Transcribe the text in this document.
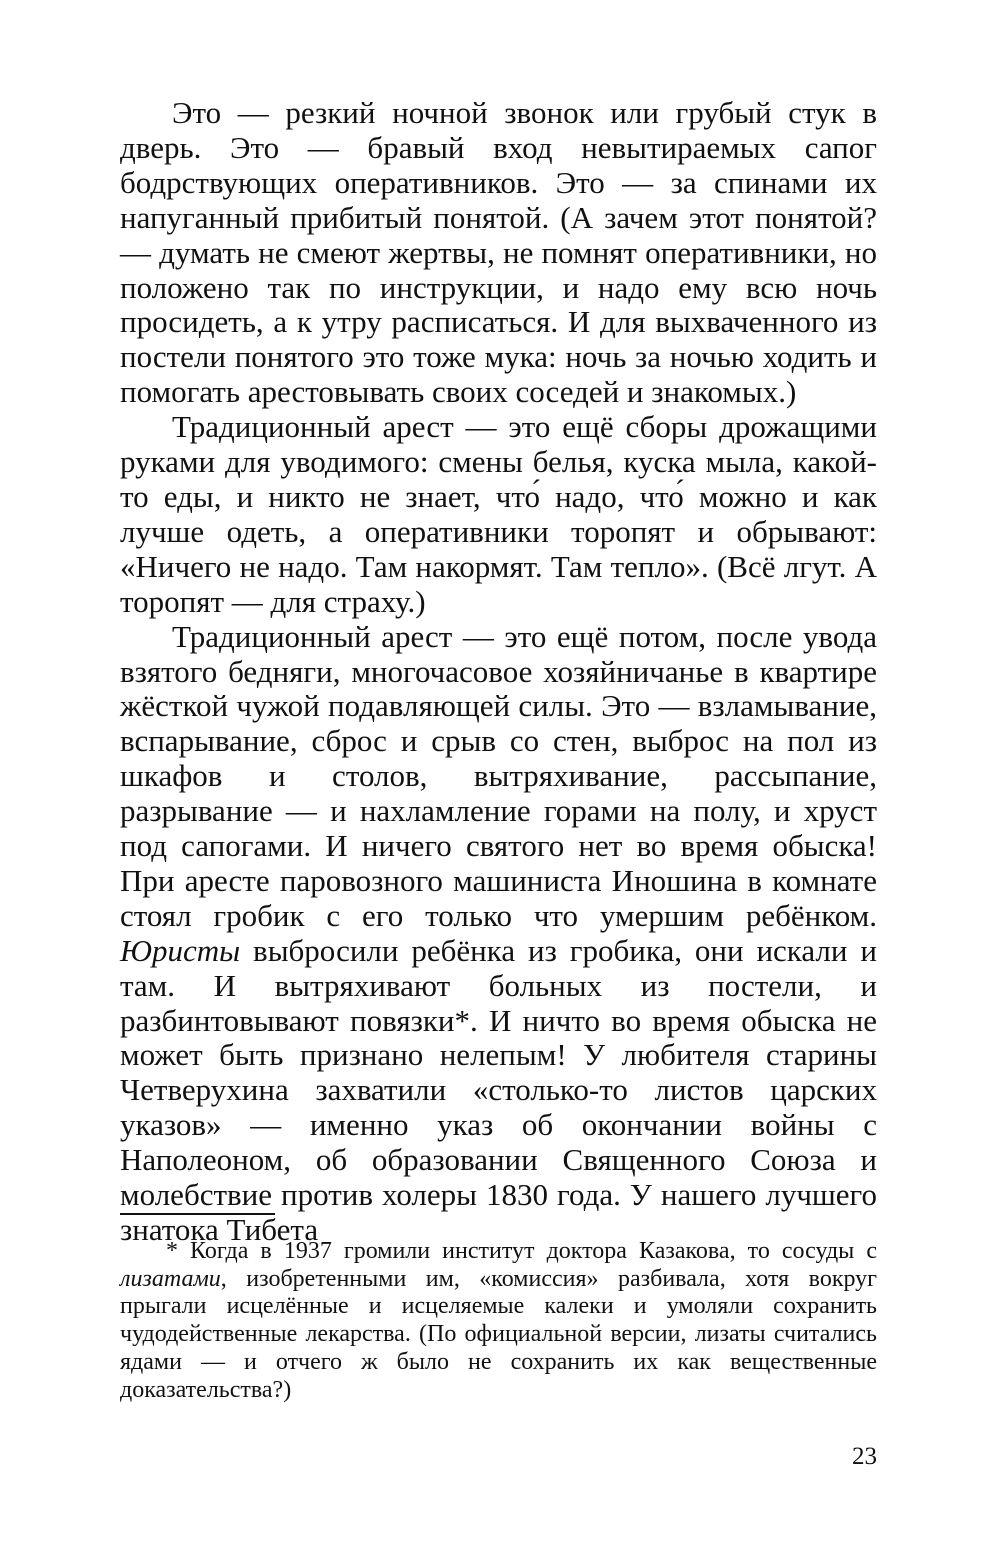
Это — резкий ночной звонок или грубый стук в дверь. Это — бравый вход невытираемых сапог бодрствующих оперативников. Это — за спинами их напуганный прибитый понятой. (А зачем этот понятой? — думать не смеют жертвы, не помнят оперативники, но положено так по инструкции, и надо ему всю ночь просидеть, а к утру расписаться. И для выхваченного из постели понятого это тоже мука: ночь за ночью ходить и помогать арестовывать своих соседей и знакомых.)

Традиционный арест — это ещё сборы дрожащими руками для уводимого: смены белья, куска мыла, какой-то еды, и никто не знает, что́ надо, что́ можно и как лучше одеть, а оперативники торопят и обрывают: «Ничего не надо. Там накормят. Там тепло». (Всё лгут. А торопят — для страху.)

Традиционный арест — это ещё потом, после увода взятого бедняги, многочасовое хозяйничанье в квартире жёсткой чужой подавляющей силы. Это — взламывание, вспарывание, сброс и срыв со стен, выброс на пол из шкафов и столов, вытряхивание, рассыпание, разрывание — и нахламление горами на полу, и хруст под сапогами. И ничего святого нет во время обыска! При аресте паровозного машиниста Иношина в комнате стоял гробик с его только что умершим ребёнком. Юристы выбросили ребёнка из гробика, они искали и там. И вытряхивают больных из постели, и разбинтовывают повязки*. И ничто во время обыска не может быть признано нелепым! У любителя старины Четверухина захватили «столько-то листов царских указов» — именно указ об окончании войны с Наполеоном, об образовании Священного Союза и молебствие против холеры 1830 года. У нашего лучшего знатока Тибета

* Когда в 1937 громили институт доктора Казакова, то сосуды с лизатами, изобретенными им, «комиссия» разбивала, хотя вокруг прыгали исцелённые и исцеляемые калеки и умоляли сохранить чудодейственные лекарства. (По официальной версии, лизаты считались ядами — и отчего ж было не сохранить их как вещественные доказательства?)

23
